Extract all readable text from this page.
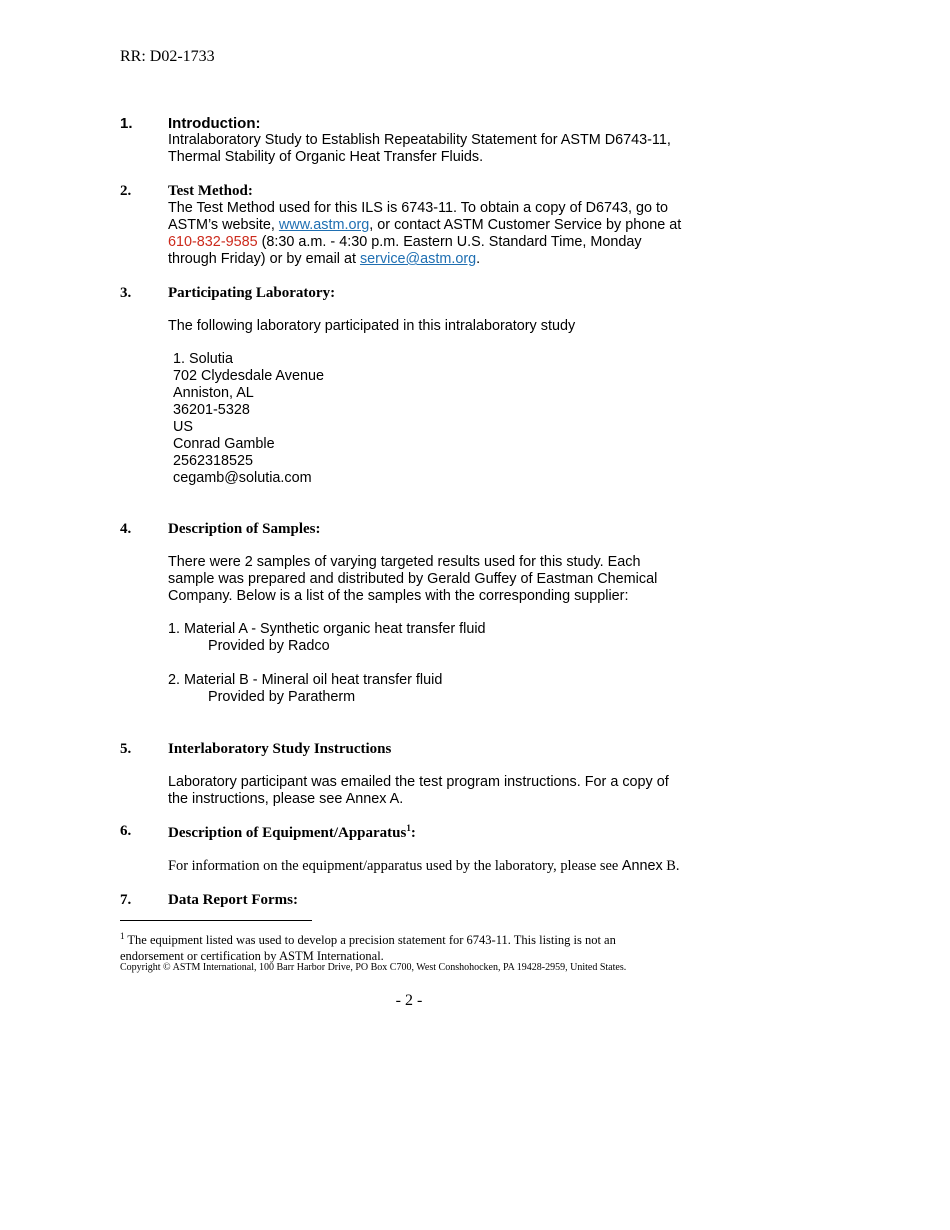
RR: D02-1733
1. Introduction:
Intralaboratory Study to Establish Repeatability Statement for ASTM D6743-11,
Thermal Stability of Organic Heat Transfer Fluids.
2. Test Method:
The Test Method used for this ILS is 6743-11. To obtain a copy of D6743, go to
ASTM’s website, www.astm.org, or contact ASTM Customer Service by phone at
610-832-9585 (8:30 a.m. - 4:30 p.m. Eastern U.S. Standard Time, Monday
through Friday) or by email at service@astm.org.
3. Participating Laboratory:
The following laboratory participated in this intralaboratory study
1. Solutia
702 Clydesdale Avenue
Anniston, AL
36201-5328
US
Conrad Gamble
2562318525
cegamb@solutia.com
4. Description of Samples:
There were 2 samples of varying targeted results used for this study. Each
sample was prepared and distributed by Gerald Guffey of Eastman Chemical
Company. Below is a list of the samples with the corresponding supplier:
1. Material A - Synthetic organic heat transfer fluid
Provided by Radco
2. Material B - Mineral oil heat transfer fluid
Provided by Paratherm
5. Interlaboratory Study Instructions
Laboratory participant was emailed the test program instructions. For a copy of
the instructions, please see Annex A.
6. Description of Equipment/Apparatus$^1$:
For information on the equipment/apparatus used by the laboratory, please see Annex B.
7. Data Report Forms:
$^1$ The equipment listed was used to develop a precision statement for 6743-11. This listing is not an
endorsement or certification by ASTM International.
Copyright © ASTM International, 100 Barr Harbor Drive, PO Box C700, West Conshohocken, PA 19428-2959, United States.
- 2 -
